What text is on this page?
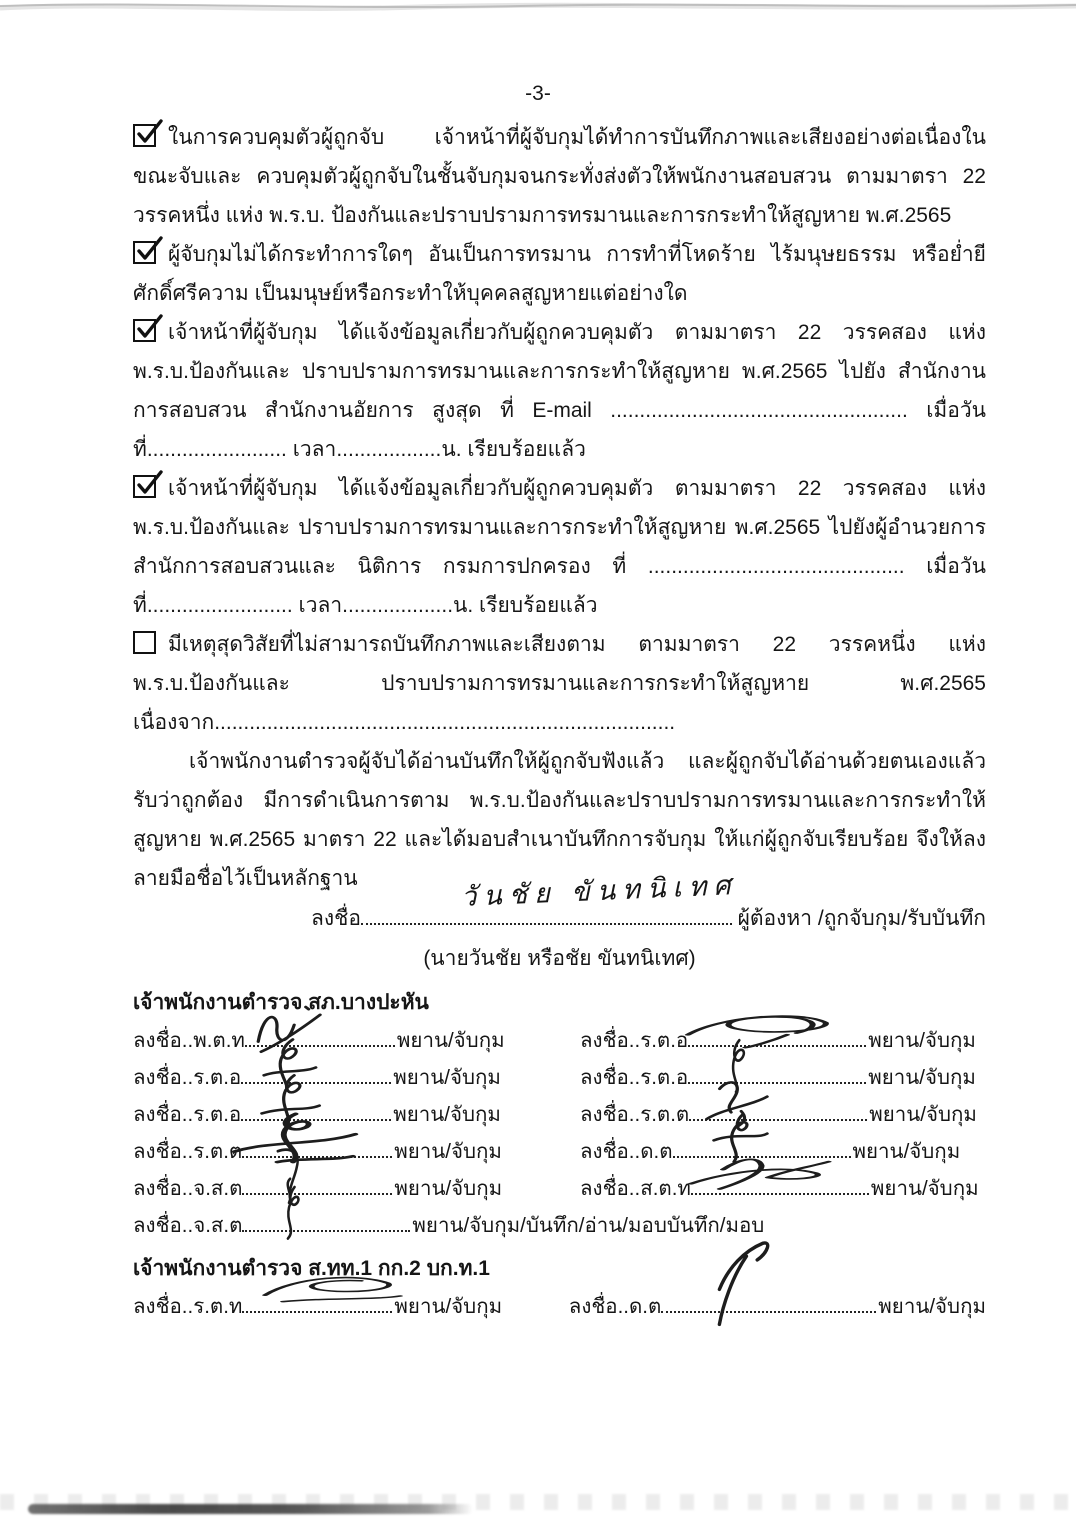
-3-

ในการควบคุมตัวผู้ถูกจับ เจ้าหน้าที่ผู้จับกุมได้ทำการบันทึกภาพและเสียงอย่างต่อเนื่องในขณะจับและ ควบคุมตัวผู้ถูกจับในชั้นจับกุมจนกระทั่งส่งตัวให้พนักงานสอบสวน ตามมาตรา 22 วรรคหนึ่ง แห่ง พ.ร.บ. ป้องกันและปราบปรามการทรมานและการกระทำให้สูญหาย พ.ศ.2565

ผู้จับกุมไม่ได้กระทำการใดๆ อันเป็นการทรมาน การทำที่โหดร้าย ไร้มนุษยธรรม หรือย่ำยีศักดิ์ศรีความ เป็นมนุษย์หรือกระทำให้บุคคลสูญหายแต่อย่างใด

เจ้าหน้าที่ผู้จับกุม ได้แจ้งข้อมูลเกี่ยวกับผู้ถูกควบคุมตัว ตามมาตรา 22 วรรคสอง แห่ง พ.ร.บ.ป้องกันและ ปราบปรามการทรมานและการกระทำให้สูญหาย พ.ศ.2565 ไปยัง สำนักงานการสอบสวน สำนักงานอัยการ สูงสุด ที่ E-mail ................................................... เมื่อวันที่........................ เวลา..................น. เรียบร้อยแล้ว

เจ้าหน้าที่ผู้จับกุม ได้แจ้งข้อมูลเกี่ยวกับผู้ถูกควบคุมตัว ตามมาตรา 22 วรรคสอง แห่ง พ.ร.บ.ป้องกันและ ปราบปรามการทรมานและการกระทำให้สูญหาย พ.ศ.2565 ไปยังผู้อำนวยการสำนักการสอบสวนและ นิติการ กรมการปกครอง ที่ ............................................ เมื่อวันที่......................... เวลา...................น. เรียบร้อยแล้ว

มีเหตุสุดวิสัยที่ไม่สามารถบันทึกภาพและเสียงตาม ตามมาตรา 22 วรรคหนึ่ง แห่ง พ.ร.บ.ป้องกันและ ปราบปรามการทรมานและการกระทำให้สูญหาย พ.ศ.2565 เนื่องจาก...............................................................................

เจ้าพนักงานตำรวจผู้จับได้อ่านบันทึกให้ผู้ถูกจับฟังแล้ว และผู้ถูกจับได้อ่านด้วยตนเองแล้ว รับว่าถูกต้อง มีการดำเนินการตาม พ.ร.บ.ป้องกันและปราบปรามการทรมานและการกระทำให้สูญหาย พ.ศ.2565 มาตรา 22 และได้มอบสำเนาบันทึกการจับกุม ให้แก่ผู้ถูกจับเรียบร้อย จึงให้ลงลายมือชื่อไว้เป็นหลักฐาน

ลงชื่อ	ผู้ต้องหา /ถูกจับกุม/รับบันทึก
วันชัย ขันทนิเทศ

(นายวันชัย หรือชัย ขันทนิเทศ)

เจ้าพนักงานตำรวจ สภ.บางปะหัน

ลงชื่อ..พ.ต.ท	พยาน/จับกุม	ลงชื่อ..ร.ต.อ	พยาน/จับกุม
ลงชื่อ..ร.ต.อ	พยาน/จับกุม	ลงชื่อ..ร.ต.อ	พยาน/จับกุม
ลงชื่อ..ร.ต.อ	พยาน/จับกุม	ลงชื่อ..ร.ต.ต	พยาน/จับกุม
ลงชื่อ..ร.ต.ต	พยาน/จับกุม	ลงชื่อ..ด.ต	พยาน/จับกุม
ลงชื่อ..จ.ส.ต	พยาน/จับกุม	ลงชื่อ..ส.ต.ท	พยาน/จับกุม
ลงชื่อ..จ.ส.ต	พยาน/จับกุม/บันทึก/อ่าน/มอบบันทึก/มอบ

เจ้าพนักงานตำรวจ ส.ทท.1 กก.2 บก.ท.1

ลงชื่อ..ร.ต.ท	พยาน/จับกุม	ลงชื่อ..ด.ต	พยาน/จับกุม
